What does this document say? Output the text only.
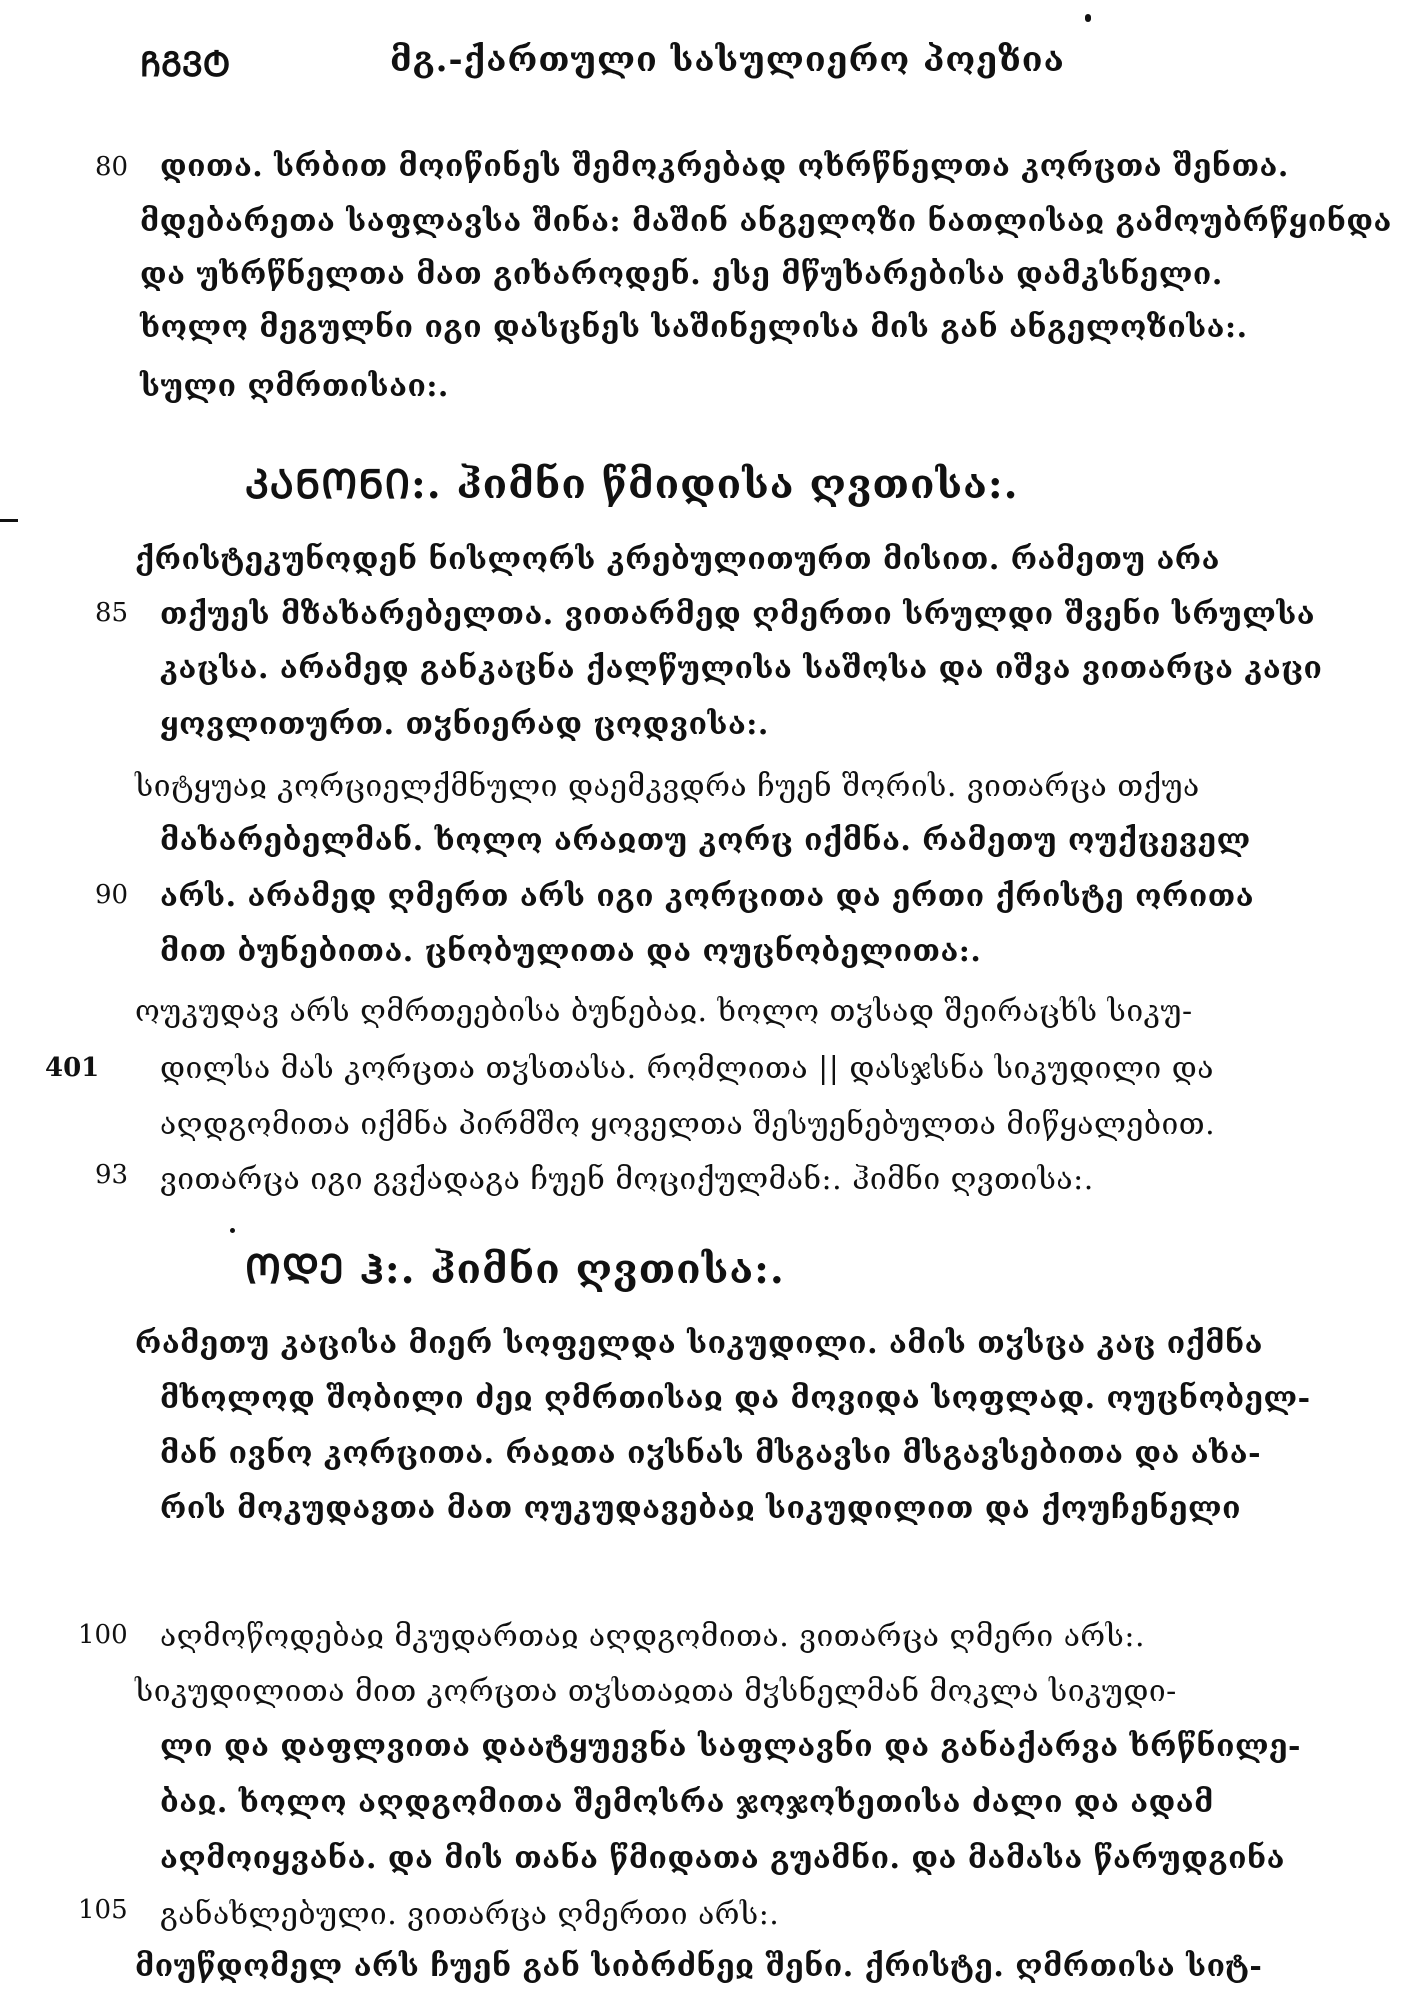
ᲩᲒᲕᲢ	მგ.-ქართული სასულიერო პოეზია
80
85
90
401
93
100
105
დითა. სრბით მოიწინეს შემოკრებად ოხრწნელთა კორცთა შენთა.
მდებარეთა საფლავსა შინა: მაშინ ანგელოზი ნათლისაჲ გამოუბრწყინდა
და უხრწნელთა მათ გიხაროდენ. ესე მწუხარებისა დამკსნელი.
ხოლო მეგულნი იგი დასცნეს საშინელისა მის გან ანგელოზისა:.
სული ღმრთისაი:.
ᲙᲐᲜᲝᲜᲘ:. ჰიმნი წმიდისა ღვთისა:.
ქრისტეკუნოდენ ნისლორს კრებულითურთ მისით. რამეთუ არა
თქუეს მზახარებელთა. ვითარმედ ღმერთი სრულდი შვენი სრულსა
კაცსა. არამედ განკაცნა ქალწულისა საშოსა და იშვა ვითარცა კაცი
ყოვლითურთ. თჳნიერად ცოდვისა:.
სიტყუაჲ კორციელქმნული დაემკვდრა ჩუენ შორის. ვითარცა თქუა
მახარებელმან. ხოლო არაჲთუ კორც იქმნა. რამეთუ ოუქცეველ
არს. არამედ ღმერთ არს იგი კორცითა და ერთი ქრისტე ორითა
მით ბუნებითა. ცნობულითა და ოუცნობელითა:.
ოუკუდავ არს ღმრთეებისა ბუნებაჲ. ხოლო თჳსად შეირაცხს სიკუ-
დილსა მას კორცთა თჳსთასა. რომლითა || დასჯსნა სიკუდილი და
აღდგომითა იქმნა პირმშო ყოველთა შესუენებულთა მიწყალებით.
ვითარცა იგი გვქადაგა ჩუენ მოციქულმან:. ჰიმნი ღვთისა:.
ᲝᲓᲔ Ჰ:. ჰიმნი ღვთისა:.
რამეთუ კაცისა მიერ სოფელდა სიკუდილი. ამის თჳსცა კაც იქმნა
მხოლოდ შობილი ძეჲ ღმრთისაჲ და მოვიდა სოფლად. ოუცნობელ-
მან ივნო კორცითა. რაჲთა იჳსნას მსგავსი მსგავსებითა და ახა-
რის მოკუდავთა მათ ოუკუდავებაჲ სიკუდილით და ქოუჩენელი
აღმოწოდებაჲ მკუდართაჲ აღდგომითა. ვითარცა ღმერი არს:.
სიკუდილითა მით კორცთა თჳსთაჲთა მჳსნელმან მოკლა სიკუდი-
ლი და დაფლვითა დაატყუევნა საფლავნი და განაქარვა ხრწნილე-
ბაჲ. ხოლო აღდგომითა შემოსრა ჯოჯოხეთისა ძალი და ადამ
აღმოიყვანა. და მის თანა წმიდათა გუამნი. და მამასა წარუდგინა
განახლებული. ვითარცა ღმერთი არს:.
მიუწდომელ არს ჩუენ გან სიბრძნეჲ შენი. ქრისტე. ღმრთისა სიტ-
